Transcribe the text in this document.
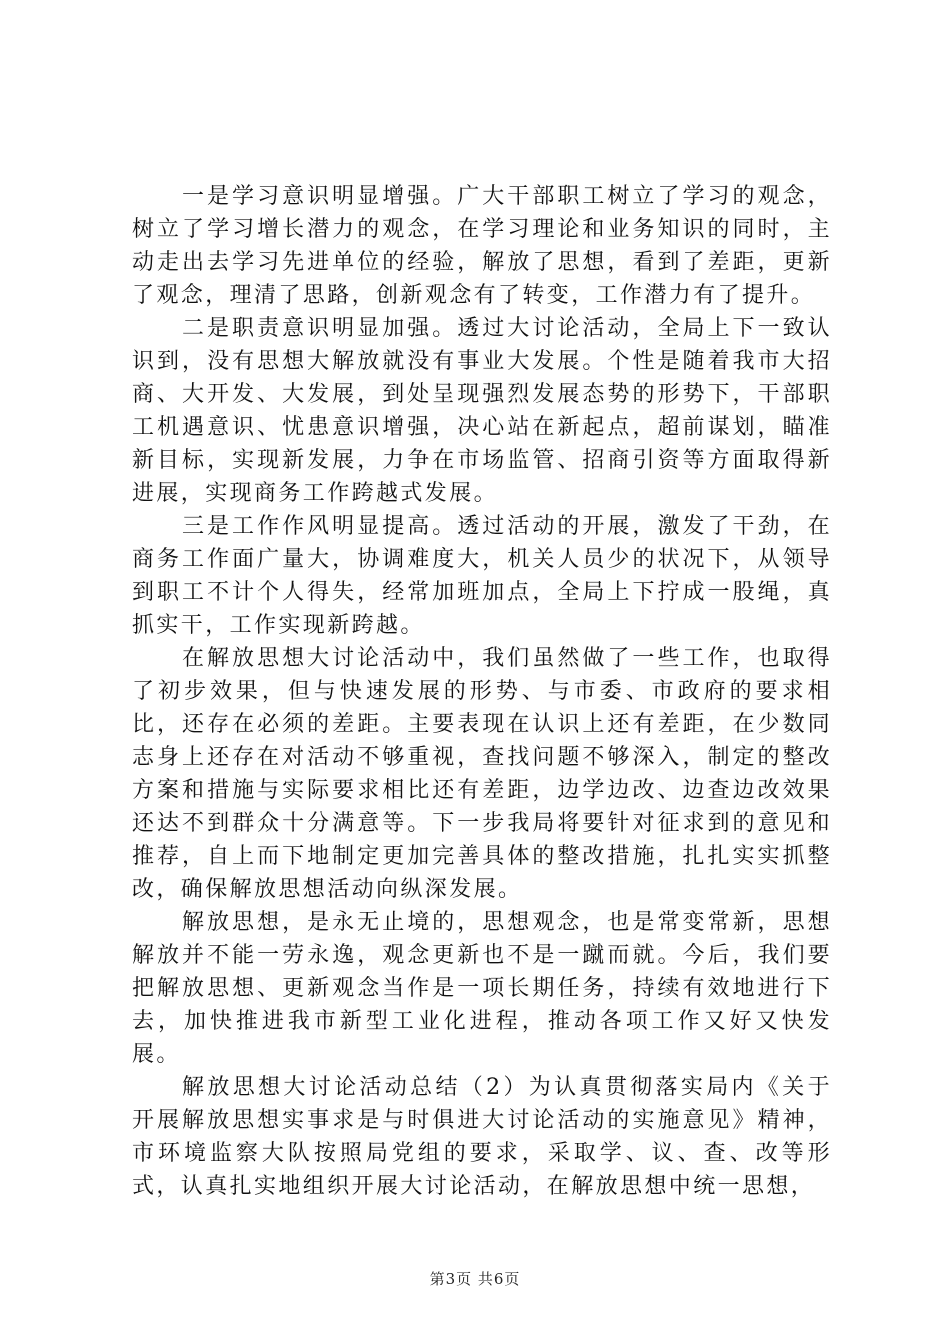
一是学习意识明显增强。广大干部职工树立了学习的观念，树立了学习增长潜力的观念，在学习理论和业务知识的同时，主动走出去学习先进单位的经验，解放了思想，看到了差距，更新了观念，理清了思路，创新观念有了转变，工作潜力有了提升。

二是职责意识明显加强。透过大讨论活动，全局上下一致认识到，没有思想大解放就没有事业大发展。个性是随着我市大招商、大开发、大发展，到处呈现强烈发展态势的形势下，干部职工机遇意识、忧患意识增强，决心站在新起点，超前谋划，瞄准新目标，实现新发展，力争在市场监管、招商引资等方面取得新进展，实现商务工作跨越式发展。

三是工作作风明显提高。透过活动的开展，激发了干劲，在商务工作面广量大，协调难度大，机关人员少的状况下，从领导到职工不计个人得失，经常加班加点，全局上下拧成一股绳，真抓实干，工作实现新跨越。

在解放思想大讨论活动中，我们虽然做了一些工作，也取得了初步效果，但与快速发展的形势、与市委、市政府的要求相比，还存在必须的差距。主要表现在认识上还有差距，在少数同志身上还存在对活动不够重视，查找问题不够深入，制定的整改方案和措施与实际要求相比还有差距，边学边改、边查边改效果还达不到群众十分满意等。下一步我局将要针对征求到的意见和推荐，自上而下地制定更加完善具体的整改措施，扎扎实实抓整改，确保解放思想活动向纵深发展。

解放思想，是永无止境的，思想观念，也是常变常新，思想解放并不能一劳永逸，观念更新也不是一蹴而就。今后，我们要把解放思想、更新观念当作是一项长期任务，持续有效地进行下去，加快推进我市新型工业化进程，推动各项工作又好又快发展。

解放思想大讨论活动总结（2）为认真贯彻落实局内《关于开展解放思想实事求是与时俱进大讨论活动的实施意见》精神，市环境监察大队按照局党组的要求，采取学、议、查、改等形式，认真扎实地组织开展大讨论活动，在解放思想中统一思想，

第3页 共6页
